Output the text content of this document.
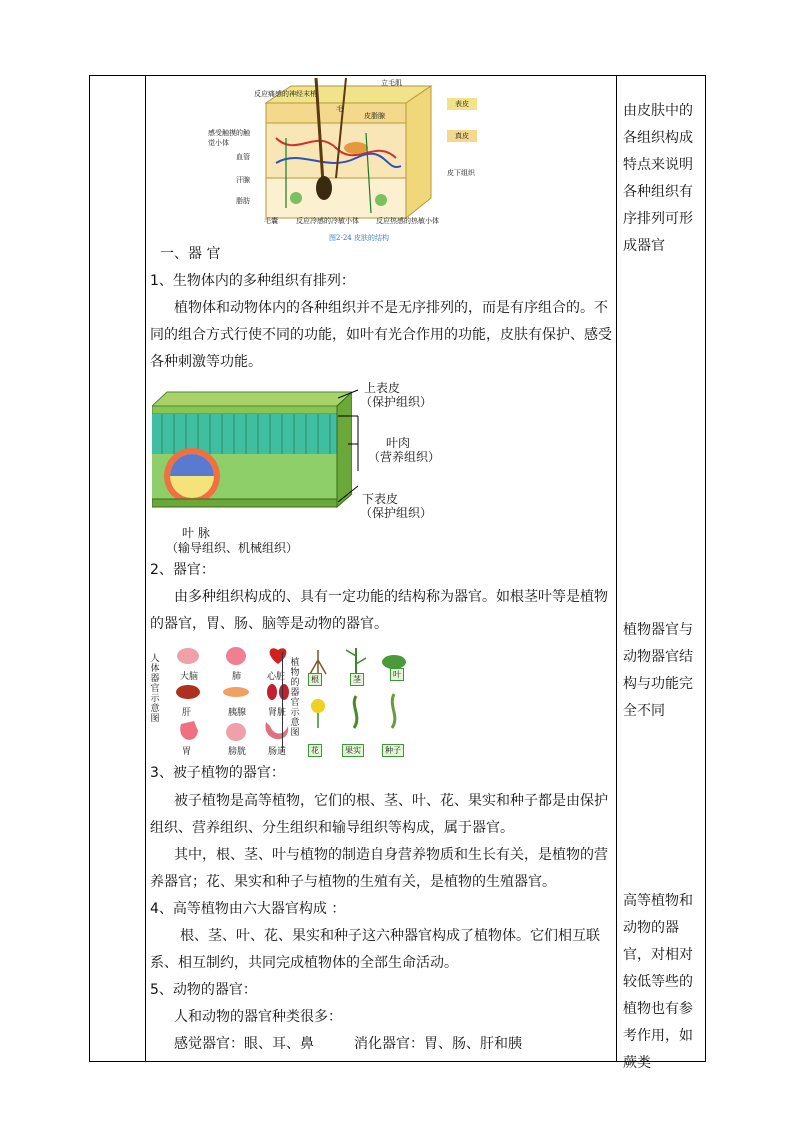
反应痛感的神经末梢
立毛肌
毛
皮脂腺
表皮
真皮
感受触摸的触觉小体
血管
汗腺
脂肪
皮下组织
毛囊	反应冷感的冷敏小体 反应热感的热敏小体
图2-24 皮肤的结构
一、器 官
1、生物体内的多种组织有排列：
植物体和动物体内的各种组织并不是无序排列的，而是有序组合的。不
同的组合方式行使不同的功能，如叶有光合作用的功能，皮肤有保护、感受
各种刺激等功能。
上表皮
（保护组织）
叶肉
（营养组织）
下表皮
（保护组织）
叶 脉
（输导组织、机械组织）
2、器官：
由多种组织构成的、具有一定功能的结构称为器官。如根茎叶等是植物
的器官，胃、肠、脑等是动物的器官。
人体器官示意图
大脑	肺	心脏
肝	胰腺 肾脏
胃	膀胱 肠道
植物的器官示意图
根	茎
叶
花	果实	种子
3、被子植物的器官：
被子植物是高等植物，它们的根、茎、叶、花、果实和种子都是由保护
组织、营养组织、分生组织和输导组织等构成，属于器官。
其中，根、茎、叶与植物的制造自身营养物质和生长有关，是植物的营
养器官；花、果实和种子与植物的生殖有关，是植物的生殖器官。
4、高等植物由六大器官构成 ：
根、茎、叶、花、果实和种子这六种器官构成了植物体。它们相互联
系、相互制约，共同完成植物体的全部生命活动。
5、动物的器官：
人和动物的器官种类很多：
感觉器官：眼、耳、鼻	消化器官：胃、肠、肝和胰
由皮肤中的各组织构成特点来说明各种组织有序排列可形成器官
植物器官与动物器官结构与功能完全不同
高等植物和动物的器官，对相对较低等些的植物也有参考作用，如蕨类
